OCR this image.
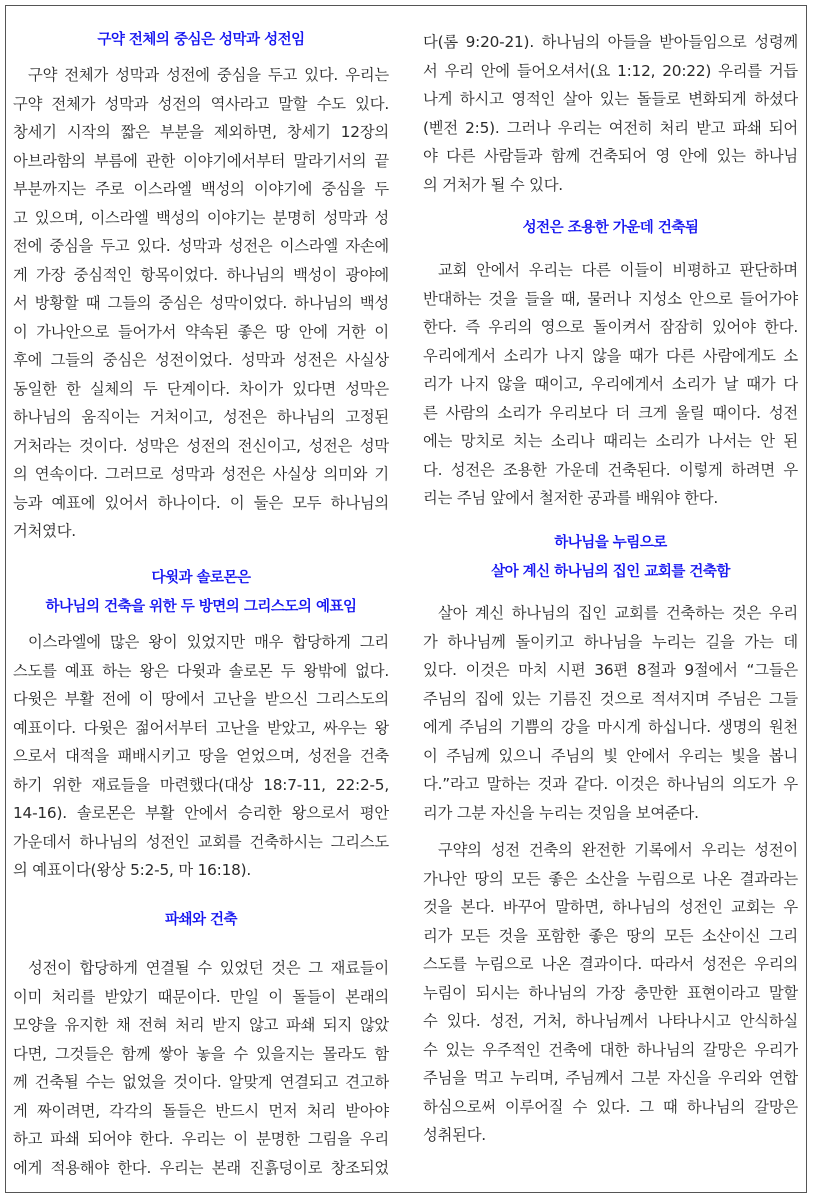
구약 전체의 중심은 성막과 성전임
구약 전체가 성막과 성전에 중심을 두고 있다. 우리는
구약 전체가 성막과 성전의 역사라고 말할 수도 있다.
창세기 시작의 짧은 부분을 제외하면, 창세기 12장의
아브라함의 부름에 관한 이야기에서부터 말라기서의 끝
부분까지는 주로 이스라엘 백성의 이야기에 중심을 두
고 있으며, 이스라엘 백성의 이야기는 분명히 성막과 성
전에 중심을 두고 있다. 성막과 성전은 이스라엘 자손에
게 가장 중심적인 항목이었다. 하나님의 백성이 광야에
서 방황할 때 그들의 중심은 성막이었다. 하나님의 백성
이 가나안으로 들어가서 약속된 좋은 땅 안에 거한 이
후에 그들의 중심은 성전이었다. 성막과 성전은 사실상
동일한 한 실체의 두 단계이다. 차이가 있다면 성막은
하나님의 움직이는 거처이고, 성전은 하나님의 고정된
거처라는 것이다. 성막은 성전의 전신이고, 성전은 성막
의 연속이다. 그러므로 성막과 성전은 사실상 의미와 기
능과 예표에 있어서 하나이다. 이 둘은 모두 하나님의
거처였다.
다윗과 솔로몬은
하나님의 건축을 위한 두 방면의 그리스도의 예표임
이스라엘에 많은 왕이 있었지만 매우 합당하게 그리
스도를 예표 하는 왕은 다윗과 솔로몬 두 왕밖에 없다.
다윗은 부활 전에 이 땅에서 고난을 받으신 그리스도의
예표이다. 다윗은 젊어서부터 고난을 받았고, 싸우는 왕
으로서 대적을 패배시키고 땅을 얻었으며, 성전을 건축
하기 위한 재료들을 마련했다(대상 18:7-11, 22:2-5,
14-16). 솔로몬은 부활 안에서 승리한 왕으로서 평안
가운데서 하나님의 성전인 교회를 건축하시는 그리스도
의 예표이다(왕상 5:2-5, 마 16:18).
파쇄와 건축
성전이 합당하게 연결될 수 있었던 것은 그 재료들이
이미 처리를 받았기 때문이다. 만일 이 돌들이 본래의
모양을 유지한 채 전혀 처리 받지 않고 파쇄 되지 않았
다면, 그것들은 함께 쌓아 놓을 수 있을지는 몰라도 함
께 건축될 수는 없었을 것이다. 알맞게 연결되고 견고하
게 짜이려면, 각각의 돌들은 반드시 먼저 처리 받아야
하고 파쇄 되어야 한다. 우리는 이 분명한 그림을 우리
에게 적용해야 한다. 우리는 본래 진흙덩이로 창조되었
다(롬 9:20-21). 하나님의 아들을 받아들임으로 성령께
서 우리 안에 들어오셔서(요 1:12, 20:22) 우리를 거듭
나게 하시고 영적인 살아 있는 돌들로 변화되게 하셨다
(벧전 2:5). 그러나 우리는 여전히 처리 받고 파쇄 되어
야 다른 사람들과 함께 건축되어 영 안에 있는 하나님
의 거처가 될 수 있다.
성전은 조용한 가운데 건축됨
교회 안에서 우리는 다른 이들이 비평하고 판단하며
반대하는 것을 들을 때, 물러나 지성소 안으로 들어가야
한다. 즉 우리의 영으로 돌이켜서 잠잠히 있어야 한다.
우리에게서 소리가 나지 않을 때가 다른 사람에게도 소
리가 나지 않을 때이고, 우리에게서 소리가 날 때가 다
른 사람의 소리가 우리보다 더 크게 울릴 때이다. 성전
에는 망치로 치는 소리나 때리는 소리가 나서는 안 된
다. 성전은 조용한 가운데 건축된다. 이렇게 하려면 우
리는 주님 앞에서 철저한 공과를 배워야 한다.
하나님을 누림으로
살아 계신 하나님의 집인 교회를 건축함
살아 계신 하나님의 집인 교회를 건축하는 것은 우리
가 하나님께 돌이키고 하나님을 누리는 길을 가는 데
있다. 이것은 마치 시편 36편 8절과 9절에서 “그들은
주님의 집에 있는 기름진 것으로 적셔지며 주님은 그들
에게 주님의 기쁨의 강을 마시게 하십니다. 생명의 원천
이 주님께 있으니 주님의 빛 안에서 우리는 빛을 봅니
다.”라고 말하는 것과 같다. 이것은 하나님의 의도가 우
리가 그분 자신을 누리는 것임을 보여준다.
구약의 성전 건축의 완전한 기록에서 우리는 성전이
가나안 땅의 모든 좋은 소산을 누림으로 나온 결과라는
것을 본다. 바꾸어 말하면, 하나님의 성전인 교회는 우
리가 모든 것을 포함한 좋은 땅의 모든 소산이신 그리
스도를 누림으로 나온 결과이다. 따라서 성전은 우리의
누림이 되시는 하나님의 가장 충만한 표현이라고 말할
수 있다. 성전, 거처, 하나님께서 나타나시고 안식하실
수 있는 우주적인 건축에 대한 하나님의 갈망은 우리가
주님을 먹고 누리며, 주님께서 그분 자신을 우리와 연합
하심으로써 이루어질 수 있다. 그 때 하나님의 갈망은
성취된다.
